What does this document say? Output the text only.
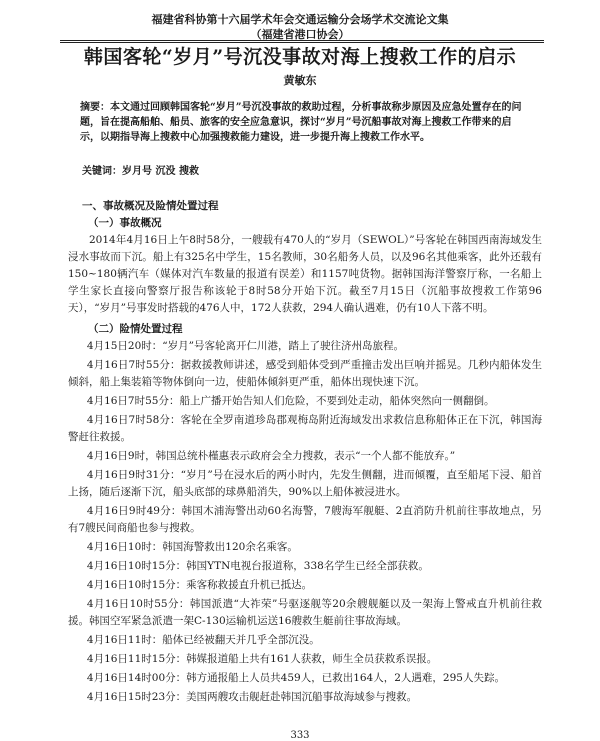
福建省科协第十六届学术年会交通运输分会场学术交流论文集
（福建省港口协会）
韩国客轮“岁月”号沉没事故对海上搜救工作的启示
黄敏东
摘要：本文通过回顾韩国客轮“岁月”号沉没事故的救助过程，分析事故称步原因及应急处置存在的问题，旨在提高船舶、船员、旅客的安全应急意识，探讨“岁月”号沉船事故对海上搜救工作带来的启示，以期指导海上搜救中心加强搜救能力建设，进一步提升海上搜救工作水平。
关键词：岁月号 沉没 搜救
一、事故概况及险情处置过程
（一）事故概况

2014年4月16日上午8时58分，一艘载有470人的“岁月（SEWOL）”号客轮在韩国西南海域发生浸水事故而下沉。船上有325名中学生，15名教师，30名船务人员，以及96名其他乘客，此外还载有150~180辆汽车（媒体对汽车数量的报道有误差）和1157吨货物。据韩国海洋警察厅称，一名船上学生家长直接向警察厅报告称该轮于8时58分开始下沉。截至7月15日（沉船事故搜救工作第96天），“岁月”号事发时搭载的476人中，172人获救，294人确认遇难，仍有10人下落不明。

（二）险情处置过程

4月15日20时：“岁月”号客轮离开仁川港，踏上了驶往济州岛旅程。

4月16日7时55分：据救援教师讲述，感受到船体受到严重撞击发出巨响并摇晃。几秒内船体发生倾斜，船上集装箱等物体倒向一边，使船体倾斜更严重，船体出现快速下沉。

4月16日7时55分：船上广播开始告知人们危险，不要到处走动，船体突然向一侧翻倒。

4月16日7时58分：客轮在全罗南道珍岛郡观梅岛附近海域发出求救信息称船体正在下沉，韩国海警赶往救援。

4月16日9时，韩国总统朴槿惠表示政府会全力搜救，表示“一个人都不能放弃。”

4月16日9时31分：“岁月”号在浸水后的两小时内，先发生侧翻，进而倾覆，直至船尾下浸、船首上扬，随后逐渐下沉，船头底部的球鼻船消失，90%以上船体被浸进水。

4月16日9时49分：韩国木浦海警出动60名海警，7艘海军舰艇、2直消防升机前往事故地点，另有7艘民间商船也参与搜救。

4月16日10时：韩国海警救出120余名乘客。

4月16日10时15分：韩国YTN电视台报道称，338名学生已经全部获救。

4月16日10时15分：乘客称救援直升机已抵达。

4月16日10时55分：韩国派遣“大祚荣”号驱逐舰等20余艘舰艇以及一架海上警戒直升机前往救援。韩国空军紧急派遣一架C-130运输机运送16艘救生艇前往事故海域。

4月16日11时：船体已经被翻天并几乎全部沉没。

4月16日11时15分：韩媒报道船上共有161人获救，师生全员获救系误报。

4月16日14时00分：韩方通报船上人员共459人，已救出164人，2人遇难，295人失踪。

4月16日15时23分：美国两艘攻击舰赶赴韩国沉船事故海域参与搜救。

333
